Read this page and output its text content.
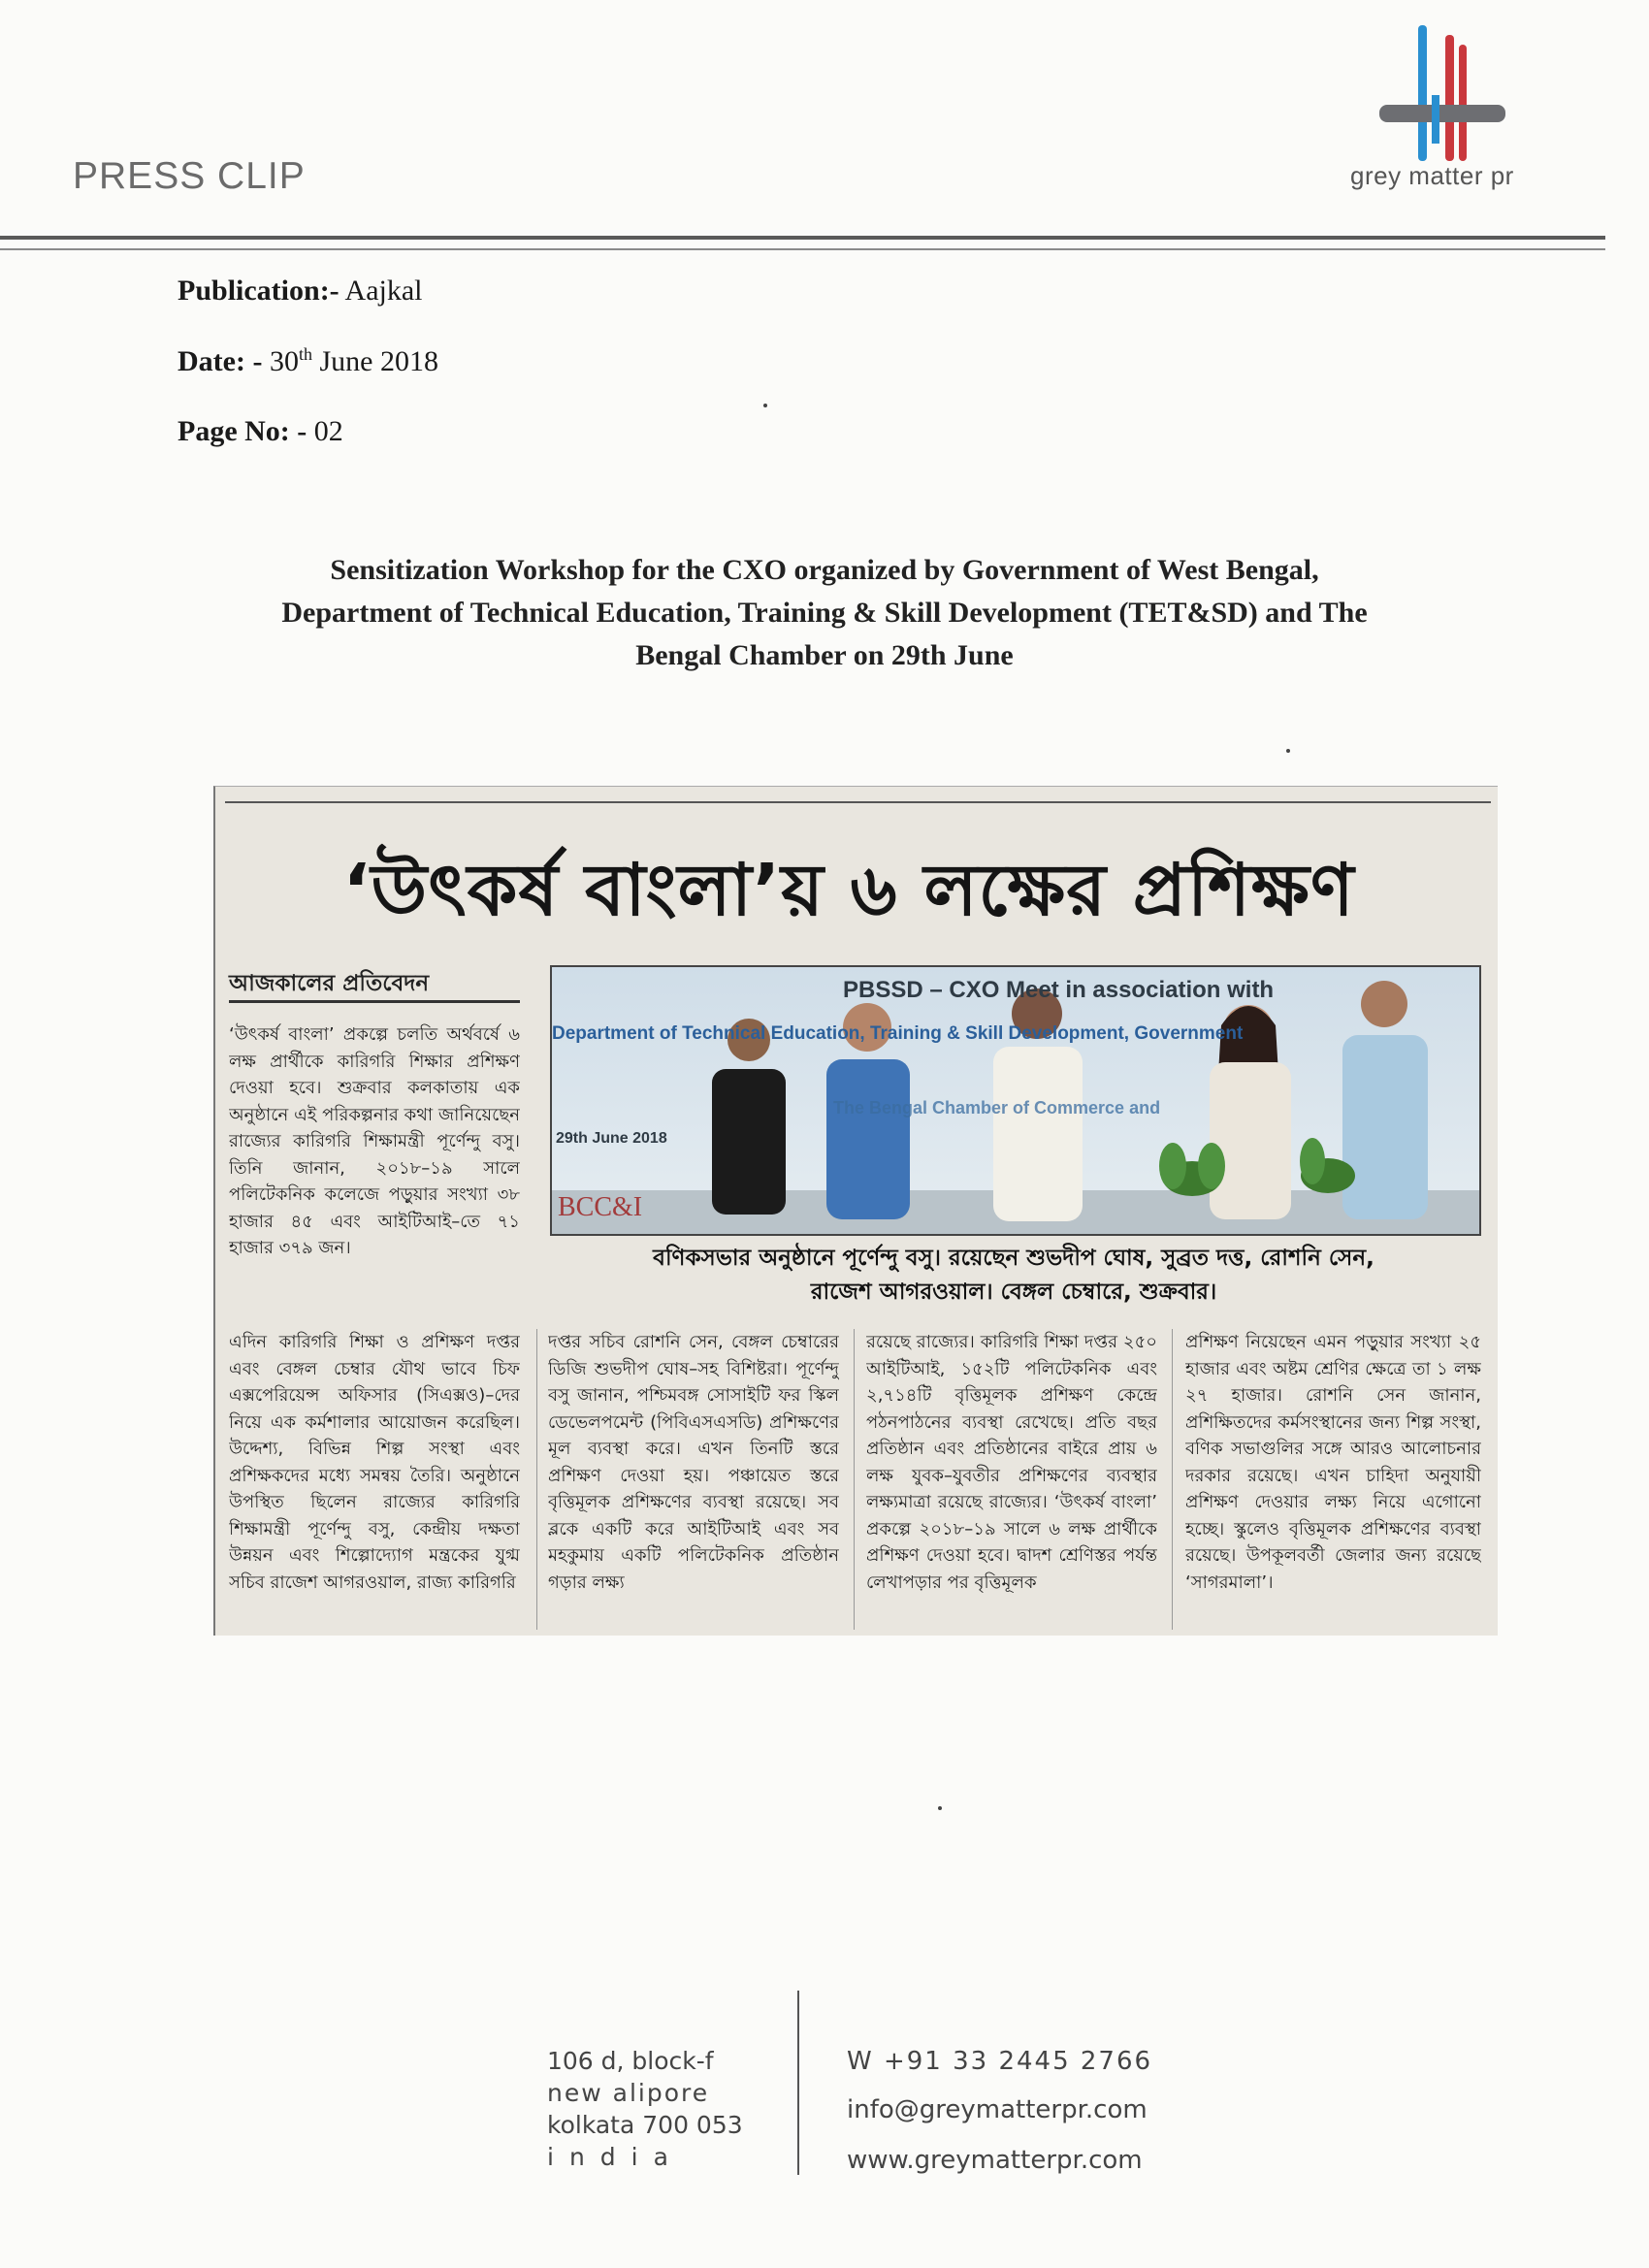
PRESS CLIP	grey matter pr
Publication:- Aajkal
Date: - 30th June 2018
Page No: - 02
Sensitization Workshop for the CXO organized by Government of West Bengal,
Department of Technical Education, Training & Skill Development (TET&SD) and The
Bengal Chamber on 29th June
‘উৎকর্ষ বাংলা’য় ৬ লক্ষের প্রশিক্ষণ
আজকালের প্রতিবেদন	PBSSD – CXO Meet in association with
Department of Technical Education, Training & Skill Development, Government
29th June 2018
The Bengal Chamber of Commerce and
BCC&I
বণিকসভার অনুষ্ঠানে পূর্ণেন্দু বসু। রয়েছেন শুভদীপ ঘোষ, সুব্রত দত্ত, রোশনি সেন,
রাজেশ আগরওয়াল। বেঙ্গল চেম্বারে, শুক্রবার।
‘উৎকর্ষ বাংলা’ প্রকল্পে চলতি অর্থবর্ষে ৬ লক্ষ প্রার্থীকে কারিগরি শিক্ষার প্রশিক্ষণ দেওয়া হবে। শুক্রবার কলকাতায় এক অনুষ্ঠানে এই পরিকল্পনার কথা জানিয়েছেন রাজ্যের কারিগরি শিক্ষামন্ত্রী পূর্ণেন্দু বসু। তিনি জানান, ২০১৮–১৯ সালে পলিটেকনিক কলেজে পড়ুয়ার সংখ্যা ৩৮ হাজার ৪৫ এবং আইটিআই–তে ৭১ হাজার ৩৭৯ জন।
এদিন কারিগরি শিক্ষা ও প্রশিক্ষণ দপ্তর এবং বেঙ্গল চেম্বার যৌথ ভাবে চিফ এক্সপেরিয়েন্স অফিসার (সিএক্সও)–দের নিয়ে এক কর্মশালার আয়োজন করেছিল। উদ্দেশ্য, বিভিন্ন শিল্প সংস্থা এবং প্রশিক্ষকদের মধ্যে সমন্বয় তৈরি। অনুষ্ঠানে উপস্থিত ছিলেন রাজ্যের কারিগরি শিক্ষামন্ত্রী পূর্ণেন্দু বসু, কেন্দ্রীয় দক্ষতা উন্নয়ন এবং শিল্পোদ্যোগ মন্ত্রকের যুগ্ম সচিব রাজেশ আগরওয়াল, রাজ্য কারিগরি
দপ্তর সচিব রোশনি সেন, বেঙ্গল চেম্বারের ডিজি শুভদীপ ঘোষ–সহ বিশিষ্টরা। পূর্ণেন্দু বসু জানান, পশ্চিমবঙ্গ সোসাইটি ফর স্কিল ডেভেলপমেন্ট (পিবিএসএসডি) প্রশিক্ষণের মূল ব্যবস্থা করে। এখন তিনটি স্তরে প্রশিক্ষণ দেওয়া হয়। পঞ্চায়েত স্তরে বৃত্তিমূলক প্রশিক্ষণের ব্যবস্থা রয়েছে। সব ব্লকে একটি করে আইটিআই এবং সব মহকুমায় একটি পলিটেকনিক প্রতিষ্ঠান গড়ার লক্ষ্য
রয়েছে রাজ্যের। কারিগরি শিক্ষা দপ্তর ২৫০ আইটিআই, ১৫২টি পলিটেকনিক এবং ২,৭১৪টি বৃত্তিমূলক প্রশিক্ষণ কেন্দ্রে পঠনপাঠনের ব্যবস্থা রেখেছে। প্রতি বছর প্রতিষ্ঠান এবং প্রতিষ্ঠানের বাইরে প্রায় ৬ লক্ষ যুবক–যুবতীর প্রশিক্ষণের ব্যবস্থার লক্ষ্যমাত্রা রয়েছে রাজ্যের। ‘উৎকর্ষ বাংলা’ প্রকল্পে ২০১৮–১৯ সালে ৬ লক্ষ প্রার্থীকে প্রশিক্ষণ দেওয়া হবে। দ্বাদশ শ্রেণিস্তর পর্যন্ত লেখাপড়ার পর বৃত্তিমূলক
প্রশিক্ষণ নিয়েছেন এমন পড়ুয়ার সংখ্যা ২৫ হাজার এবং অষ্টম শ্রেণির ক্ষেত্রে তা ১ লক্ষ ২৭ হাজার। রোশনি সেন জানান, প্রশিক্ষিতদের কর্মসংস্থানের জন্য শিল্প সংস্থা, বণিক সভাগুলির সঙ্গে আরও আলোচনার দরকার রয়েছে। এখন চাহিদা অনুযায়ী প্রশিক্ষণ দেওয়ার লক্ষ্য নিয়ে এগোনো হচ্ছে। স্কুলেও বৃত্তিমূলক প্রশিক্ষণের ব্যবস্থা রয়েছে। উপকূলবর্তী জেলার জন্য রয়েছে ‘সাগরমালা’।
106 d, block-f
new alipore
kolkata 700 053
india
W +91 33 2445 2766
info@greymatterpr.com
www.greymatterpr.com
